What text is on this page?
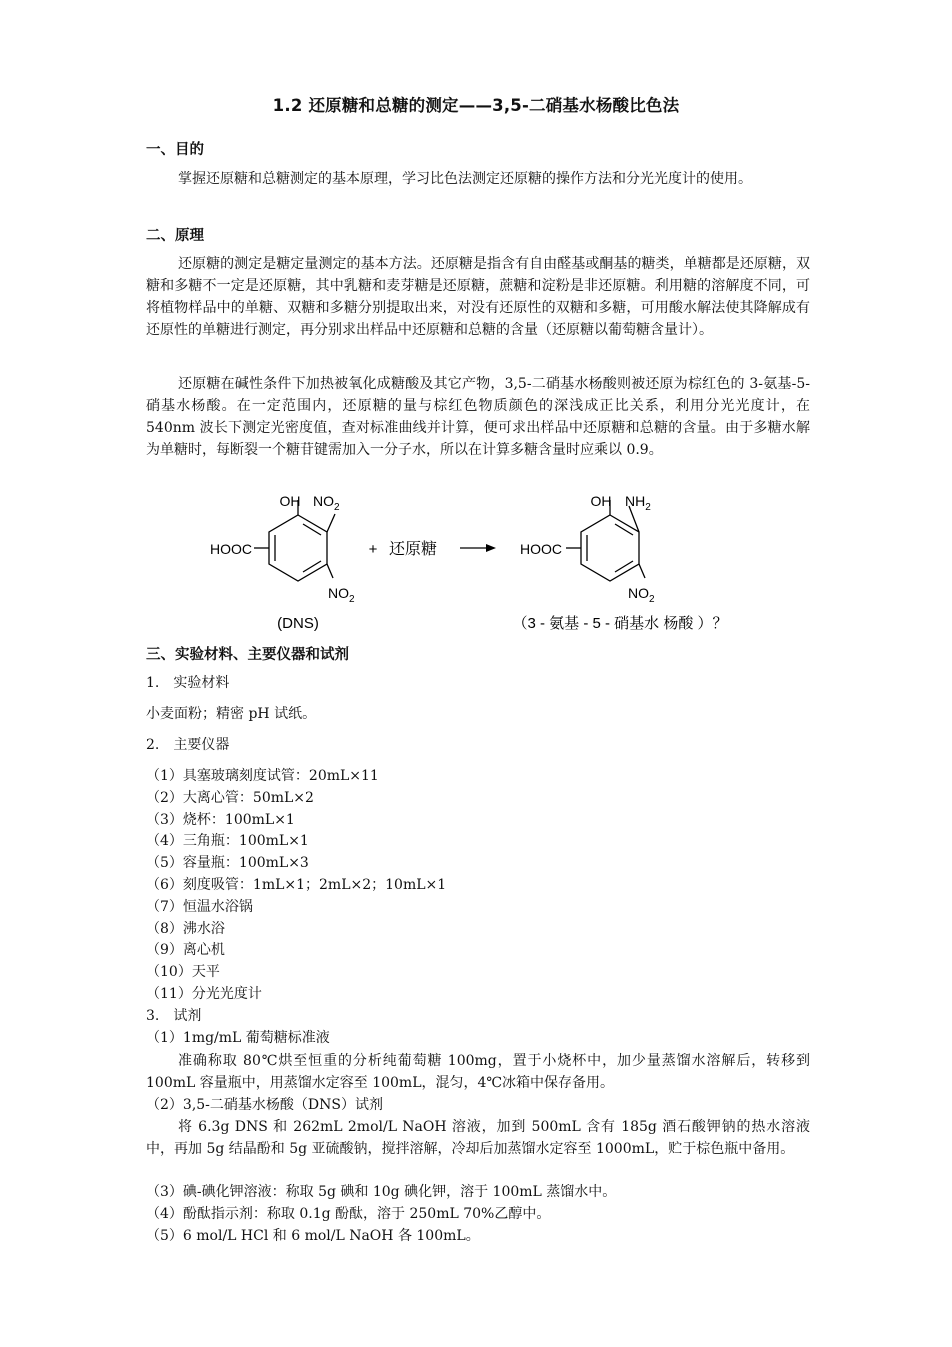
1.2 还原糖和总糖的测定——3,5-二硝基水杨酸比色法
一、目的
掌握还原糖和总糖测定的基本原理，学习比色法测定还原糖的操作方法和分光光度计的使用。
二、原理
还原糖的测定是糖定量测定的基本方法。还原糖是指含有自由醛基或酮基的糖类，单糖都是还原糖，双糖和多糖不一定是还原糖，其中乳糖和麦芽糖是还原糖，蔗糖和淀粉是非还原糖。利用糖的溶解度不同，可将植物样品中的单糖、双糖和多糖分别提取出来，对没有还原性的双糖和多糖，可用酸水解法使其降解成有还原性的单糖进行测定，再分别求出样品中还原糖和总糖的含量（还原糖以葡萄糖含量计）。
还原糖在碱性条件下加热被氧化成糖酸及其它产物，3,5-二硝基水杨酸则被还原为棕红色的 3-氨基-5-硝基水杨酸。在一定范围内，还原糖的量与棕红色物质颜色的深浅成正比关系，利用分光光度计，在 540nm 波长下测定光密度值，查对标准曲线并计算，便可求出样品中还原糖和总糖的含量。由于多糖水解为单糖时，每断裂一个糖苷键需加入一分子水，所以在计算多糖含量时应乘以 0.9。
OH $NO_2$
HOOC
$NO_2$
+ 还原糖
OH $NH_2$
HOOC
$NO_2$
(DNS)	（3 - 氨基 - 5 - 硝基水 杨酸 ）？
三、实验材料、主要仪器和试剂
1.　实验材料
小麦面粉；精密 pH 试纸。
2.　主要仪器
（1）具塞玻璃刻度试管：20mL×11
（2）大离心管：50mL×2
（3）烧杯：100mL×1
（4）三角瓶：100mL×1
（5）容量瓶：100mL×3
（6）刻度吸管：1mL×1；2mL×2；10mL×1
（7）恒温水浴锅
（8）沸水浴
（9）离心机
（10）天平
（11）分光光度计
3.　试剂
（1）1mg/mL 葡萄糖标准液
准确称取 80℃烘至恒重的分析纯葡萄糖 100mg，置于小烧杯中，加少量蒸馏水溶解后，转移到 100mL 容量瓶中，用蒸馏水定容至 100mL，混匀，4℃冰箱中保存备用。
（2）3,5-二硝基水杨酸（DNS）试剂
将 6.3g DNS 和 262mL 2mol/L NaOH 溶液，加到 500mL 含有 185g 酒石酸钾钠的热水溶液中，再加 5g 结晶酚和 5g 亚硫酸钠，搅拌溶解，冷却后加蒸馏水定容至 1000mL，贮于棕色瓶中备用。
（3）碘-碘化钾溶液：称取 5g 碘和 10g 碘化钾，溶于 100mL 蒸馏水中。
（4）酚酞指示剂：称取 0.1g 酚酞，溶于 250mL 70%乙醇中。
（5）6 mol/L HCl 和 6 mol/L NaOH 各 100mL。
